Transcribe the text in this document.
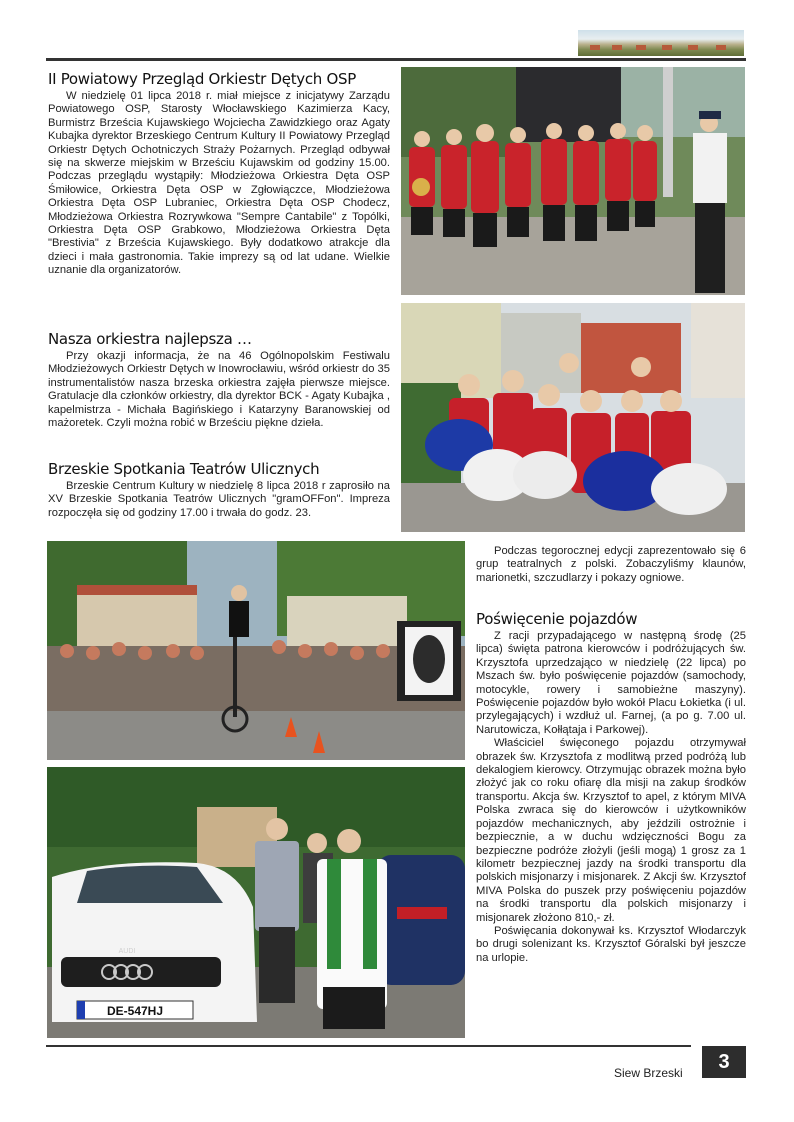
II Powiatowy Przegląd Orkiestr Dętych OSP

W niedzielę 01 lipca 2018 r. miał miejsce z inicjatywy Zarządu Powiatowego OSP, Starosty Włocławskiego Kazimierza Kacy, Burmistrz Brześcia Kujawskiego Wojciecha Zawidzkiego oraz Agaty Kubajka dyrektor Brzeskiego Centrum Kultury II Powiatowy Przegląd Orkiestr Dętych Ochotniczych Straży Pożarnych. Przegląd odbywał się na skwerze miejskim w Brześciu Kujawskim od godziny 15.00. Podczas przeglądu wystąpiły: Młodzieżowa Orkiestra Dęta OSP Śmiłowice, Orkiestra Dęta OSP w Zgłowiączce, Młodzieżowa Orkiestra Dęta OSP Lubraniec, Orkiestra Dęta OSP Chodecz, Młodzieżowa Orkiestra Rozrywkowa "Sempre Cantabile" z Topólki, Orkiestra Dęta OSP Grabkowo, Młodzieżowa Orkiestra Dęta "Brestivia" z Brześcia Kujawskiego. Były dodatkowo atrakcje dla dzieci i mała gastronomia. Takie imprezy są od lat udane. Wielkie uznanie dla organizatorów.

Nasza orkiestra najlepsza …

Przy okazji informacja, że na 46 Ogólnopolskim Festiwalu Młodzieżowych Orkiestr Dętych w Inowrocławiu, wśród orkiestr do 35 instrumentalistów nasza brzeska orkiestra zajęła pierwsze miejsce. Gratulacje dla członków orkiestry, dla dyrektor BCK - Agaty Kubajka , kapelmistrza - Michała Bagińskiego i Katarzyny Baranowskiej od mażoretek. Czyli można robić w Brześciu piękne dzieła.

Brzeskie Spotkania Teatrów Ulicznych

Brzeskie Centrum Kultury w niedzielę 8 lipca 2018 r zaprosiło na XV Brzeskie Spotkania Teatrów Ulicznych "gramOFFon". Impreza rozpoczęła się od godziny 17.00 i trwała do godz. 23.

Podczas tegorocznej edycji zaprezentowało się 6 grup teatralnych z polski. Zobaczyliśmy klaunów, marionetki, szczudlarzy i pokazy ogniowe.

Poświęcenie pojazdów

Z racji przypadającego w następną środę (25 lipca) święta patrona kierowców i podróżujących św. Krzysztofa uprzedzająco w niedzielę (22 lipca) po Mszach św. było poświęcenie pojazdów (samochody, motocykle, rowery i samobieżne maszyny). Poświęcenie pojazdów było wokół Placu Łokietka (i ul. przylegających) i wzdłuż ul. Farnej, (a po g. 7.00 ul. Narutowicza, Kołłątaja i Parkowej).

Właściciel święconego pojazdu otrzymywał obrazek św. Krzysztofa z modlitwą przed podróżą lub dekalogiem kierowcy. Otrzymując obrazek można było złożyć jak co roku ofiarę dla misji na zakup środków transportu. Akcja św. Krzysztof to apel, z którym MIVA Polska zwraca się do kierowców i użytkowników pojazdów mechanicznych, aby jeździli ostrożnie i bezpiecznie, a w duchu wdzięczności Bogu za bezpieczne podróże złożyli (jeśli mogą) 1 grosz za 1 kilometr bezpiecznej jazdy na środki transportu dla polskich misjonarzy i misjonarek. Z Akcji św. Krzysztof MIVA Polska do puszek przy poświęceniu pojazdów na środki transportu dla polskich misjonarzy i misjonarek złożono 810,- zł.

Poświęcania dokonywał ks. Krzysztof Włodarczyk bo drugi solenizant ks. Krzysztof Góralski był jeszcze na urlopie.

DE-547HJ
AUDI
Siew Brzeski	3
